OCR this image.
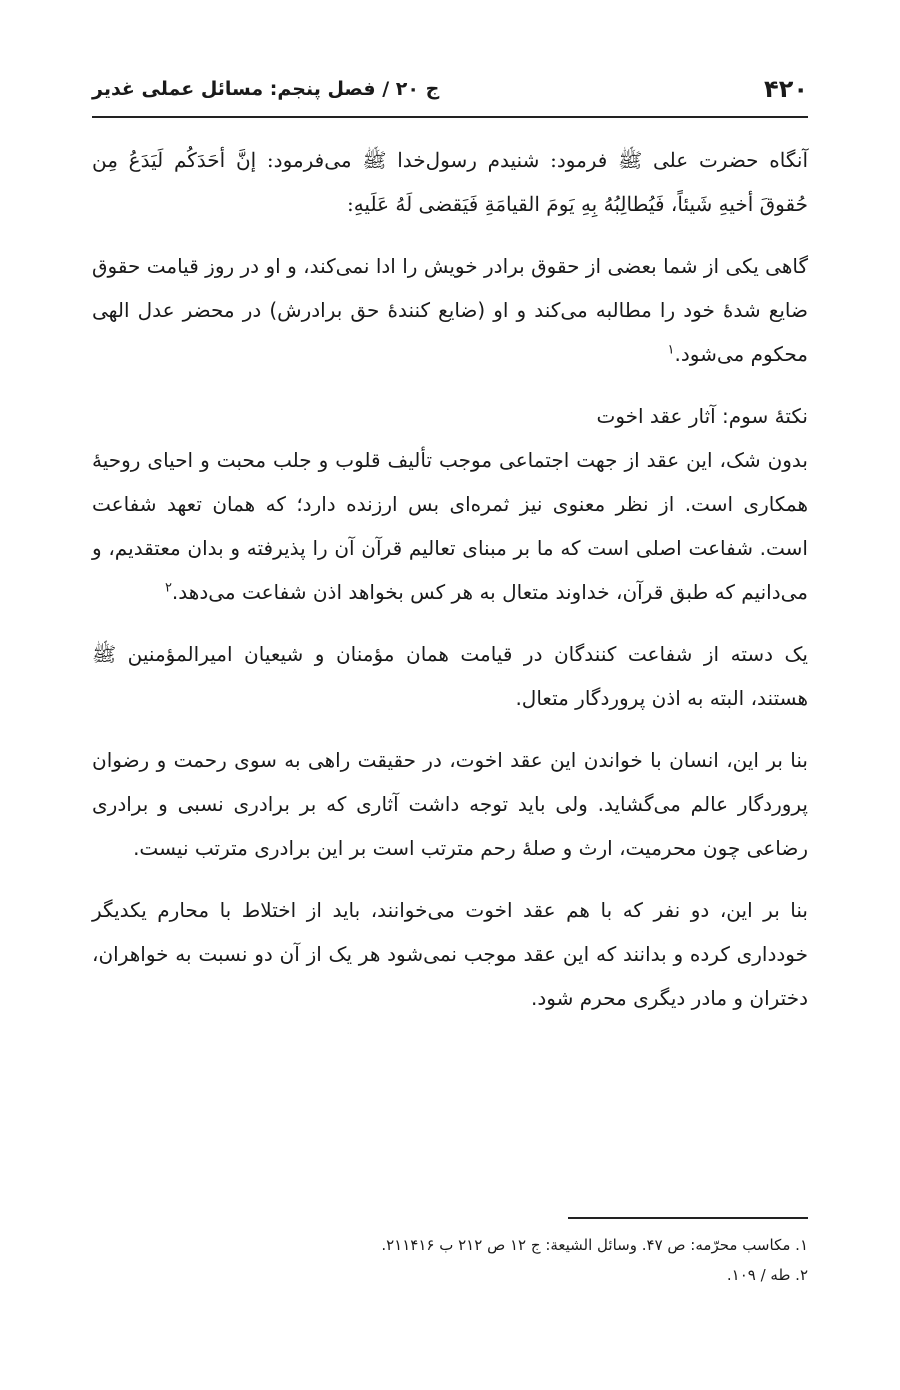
۴۲۰
ج ۲۰ / فصل پنجم: مسائل عملی غدیر

آنگاه حضرت علی ﷺ فرمود: شنیدم رسول‌خدا ﷺ می‌فرمود: إنَّ أحَدَکُم لَیَدَعُ مِن حُقوقَ أخیهِ شَیئاً، فَیُطالِبُهُ بِهِ یَومَ القیامَةِ فَیَقضی لَهُ عَلَیهِ:

گاهی یکی از شما بعضی از حقوق برادر خویش را ادا نمی‌کند، و او در روز قیامت حقوق ضایع شدهٔ خود را مطالبه می‌کند و او (ضایع کنندهٔ حق برادرش) در محضر عدل الهی محکوم می‌شود.$^۱$

نکتهٔ سوم: آثار عقد اخوت

بدون شک، این عقد از جهت اجتماعی موجب تألیف قلوب و جلب محبت و احیای روحیهٔ همکاری است. از نظر معنوی نیز ثمره‌ای بس ارزنده دارد؛ که همان تعهد شفاعت است. شفاعت اصلی است که ما بر مبنای تعالیم قرآن آن را پذیرفته و بدان معتقدیم، و می‌دانیم که طبق قرآن، خداوند متعال به هر کس بخواهد اذن شفاعت می‌دهد.$^۲$

یک دسته از شفاعت کنندگان در قیامت همان مؤمنان و شیعیان امیرالمؤمنین ﷺ هستند، البته به اذن پروردگار متعال.

بنا بر این، انسان با خواندن این عقد اخوت، در حقیقت راهی به سوی رحمت و رضوان پروردگار عالم می‌گشاید. ولی باید توجه داشت آثاری که بر برادری نسبی و برادری رضاعی چون محرمیت، ارث و صلهٔ رحم مترتب است بر این برادری مترتب نیست.

بنا بر این، دو نفر که با هم عقد اخوت می‌خوانند، باید از اختلاط با محارم یکدیگر خودداری کرده و بدانند که این عقد موجب نمی‌شود هر یک از آن دو نسبت به خواهران، دختران و مادر دیگری محرم شود.

۱. مکاسب محرّمه: ص ۴۷. وسائل الشیعة: ج ۱۲ ص ۲۱۲ ب ۲۱۱۴۱۶.
۲. طه / ۱۰۹.
